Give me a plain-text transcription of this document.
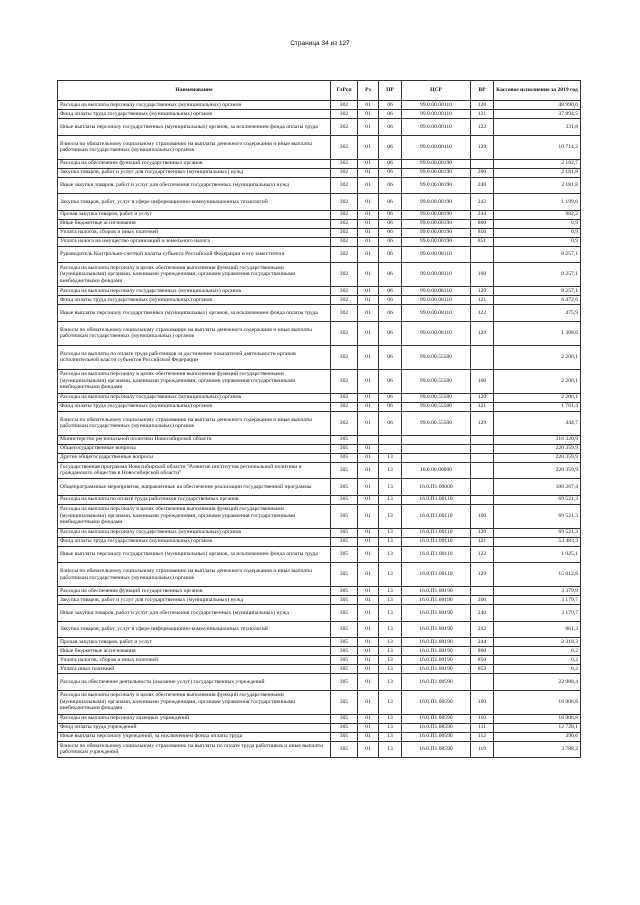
Страница 34 из 127
Наименование	ГлРсп	Рз	ПР	ЦСР	ВР	Кассовое исполнение за 2019 год
Расходы на выплаты персоналу государственных (муниципальных) органов	302	01	06	99.0.00.00110	120	48 990,6
Фонд оплаты труда государственных (муниципальных) органов	302	01	06	99.0.00.00110	121	37 894,5
Иные выплаты персоналу государственных (муниципальных) органов, за исключением фонда оплаты труда	302	01	06	99.0.00.00110	122	331,8
Взносы по обязательному социальному страхованию на выплаты денежного содержания и иные выплаты работникам государственных (муниципальных) органов	302	01	06	99.0.00.00110	129	10 714,2
Расходы на обеспечение функций государственных органов	302	01	06	99.0.00.00190		2 182,7
Закупка товаров, работ и услуг для государственных (муниципальных) нужд	302	01	06	99.0.00.00190	200	2 181,8
Иные закупки товаров, работ и услуг для обеспечения государственных (муниципальных) нужд	302	01	06	99.0.00.00190	240	2 181,8
Закупка товаров, работ, услуг в сфере информационно-коммуникационных технологий	302	01	06	99.0.00.00190	242	1 199,6
Прочая закупка товаров, работ и услуг	302	01	06	99.0.00.00190	244	982,2
Иные бюджетные ассигнования	302	01	06	99.0.00.00190	800	0,9
Уплата налогов, сборов и иных платежей	302	01	06	99.0.00.00190	850	0,9
Уплата налога на имущество организаций и земельного налога	302	01	06	99.0.00.00190	851	0,9
Руководитель Контрольно-счетной палаты субъекта Российской Федерации и его заместители	302	01	06	99.0.00.08110		8 257,1
Расходы на выплаты персоналу в целях обеспечения выполнения функций государственными (муниципальными) органами, казенными учреждениями, органами управления государственными внебюджетными фондами	302	01	06	99.0.00.08110	100	8 257,1
Расходы на выплаты персоналу государственных (муниципальных) органов	302	01	06	99.0.00.08110	120	8 257,1
Фонд оплаты труда государственных (муниципальных) органов	302	01	06	99.0.00.08110	121	6 472,6
Иные выплаты персоналу государственных (муниципальных) органов, за исключением фонда оплаты труда	302	01	06	99.0.00.08110	122	475,9
Взносы по обязательному социальному страхованию на выплаты денежного содержания и иные выплаты работникам государственных (муниципальных) органов	302	01	06	99.0.00.08110	129	1 308,6
Расходы на выплаты по оплате труда работников за достижение показателей деятельности органов исполнительной власти субъектов Российской Федерации	302	01	06	99.0.00.55500		2 206,1
Расходы на выплаты персоналу в целях обеспечения выполнения функций государственными (муниципальными) органами, казенными учреждениями, органами управления государственными внебюджетными фондами	302	01	06	99.0.00.55500	100	2 206,1
Расходы на выплаты персоналу государственных (муниципальных) органов	302	01	06	99.0.00.55500	120	2 206,1
Фонд оплаты труда государственных (муниципальных) органов	302	01	06	99.0.00.55500	121	1 761,4
Взносы по обязательному социальному страхованию на выплаты денежного содержания и иные выплаты работникам государственных (муниципальных) органов	302	01	06	99.0.00.55500	129	444,7
Министерство региональной политики Новосибирской области	305					316 320,9
Общегосударственные вопросы	305	01				220 359,9
Другие общегосударственные вопросы	305	01	13			220 359,9
Государственная программа Новосибирской области "Развитие институтов региональной политики и гражданского общества в Новосибирской области"	305	01	13	16.0.00.00000		220 359,9
Общепрограммные мероприятия, направленные на обеспечение реализации государственной программы	305	01	13	16.0.П1.00000		106 267,4
Расходы на выплаты по оплате труда работников государственных органов	305	01	13	16.0.П1.00110		69 521,3
Расходы на выплаты персоналу в целях обеспечения выполнения функций государственными (муниципальными) органами, казенными учреждениями, органами управления государственными внебюджетными фондами	305	01	13	16.0.П1.00110	100	69 521,3
Расходы на выплаты персоналу государственных (муниципальных) органов	305	01	13	16.0.П1.00110	120	69 521,3
Фонд оплаты труда государственных (муниципальных) органов	305	01	13	16.0.П1.00110	121	53 483,3
Иные выплаты персоналу государственных (муниципальных) органов, за исключением фонда оплаты труда	305	01	13	16.0.П1.00110	122	1 025,1
Взносы по обязательному социальному страхованию на выплаты денежного содержания и иные выплаты работникам государственных (муниципальных) органов	305	01	13	16.0.П1.00110	129	15 012,8
Расходы на обеспечение функций государственных органов	305	01	13	16.0.П1.00190		3 379,9
Закупка товаров, работ и услуг для государственных (муниципальных) нужд	305	01	13	16.0.П1.00190	200	3 179,7
Иные закупки товаров, работ и услуг для обеспечения государственных (муниципальных) нужд	305	01	13	16.0.П1.00190	240	3 179,7
Закупка товаров, работ, услуг в сфере информационно-коммуникационных технологий	305	01	13	16.0.П1.00190	242	861,3
Прочая закупка товаров, работ и услуг	305	01	13	16.0.П1.00190	244	2 318,3
Иные бюджетные ассигнования	305	01	13	16.0.П1.00190	800	0,2
Уплата налогов, сборов и иных платежей	305	01	13	16.0.П1.00190	850	0,2
Уплата иных платежей	305	01	13	16.0.П1.00190	853	0,2
Расходы на обеспечение деятельности (оказание услуг) государственных учреждений	305	01	13	16.0.П1.00590		22 988,4
Расходы на выплаты персоналу в целях обеспечения выполнения функций государственными (муниципальными) органами, казенными учреждениями, органами управления государственными внебюджетными фондами	305	01	13	16.0.П1.00590	100	16 906,8
Расходы на выплаты персоналу казенных учреждений	305	01	13	16.0.П1.00590	110	16 906,8
Фонд оплаты труда учреждений	305	01	13	16.0.П1.00590	111	12 728,1
Иные выплаты персоналу учреждений, за исключением фонда оплаты труда	305	01	13	16.0.П1.00590	112	390,6
Взносы по обязательному социальному страхованию на выплаты по оплате труда работников и иные выплаты работникам учреждений	305	01	13	16.0.П1.00590	119	3 788,2
